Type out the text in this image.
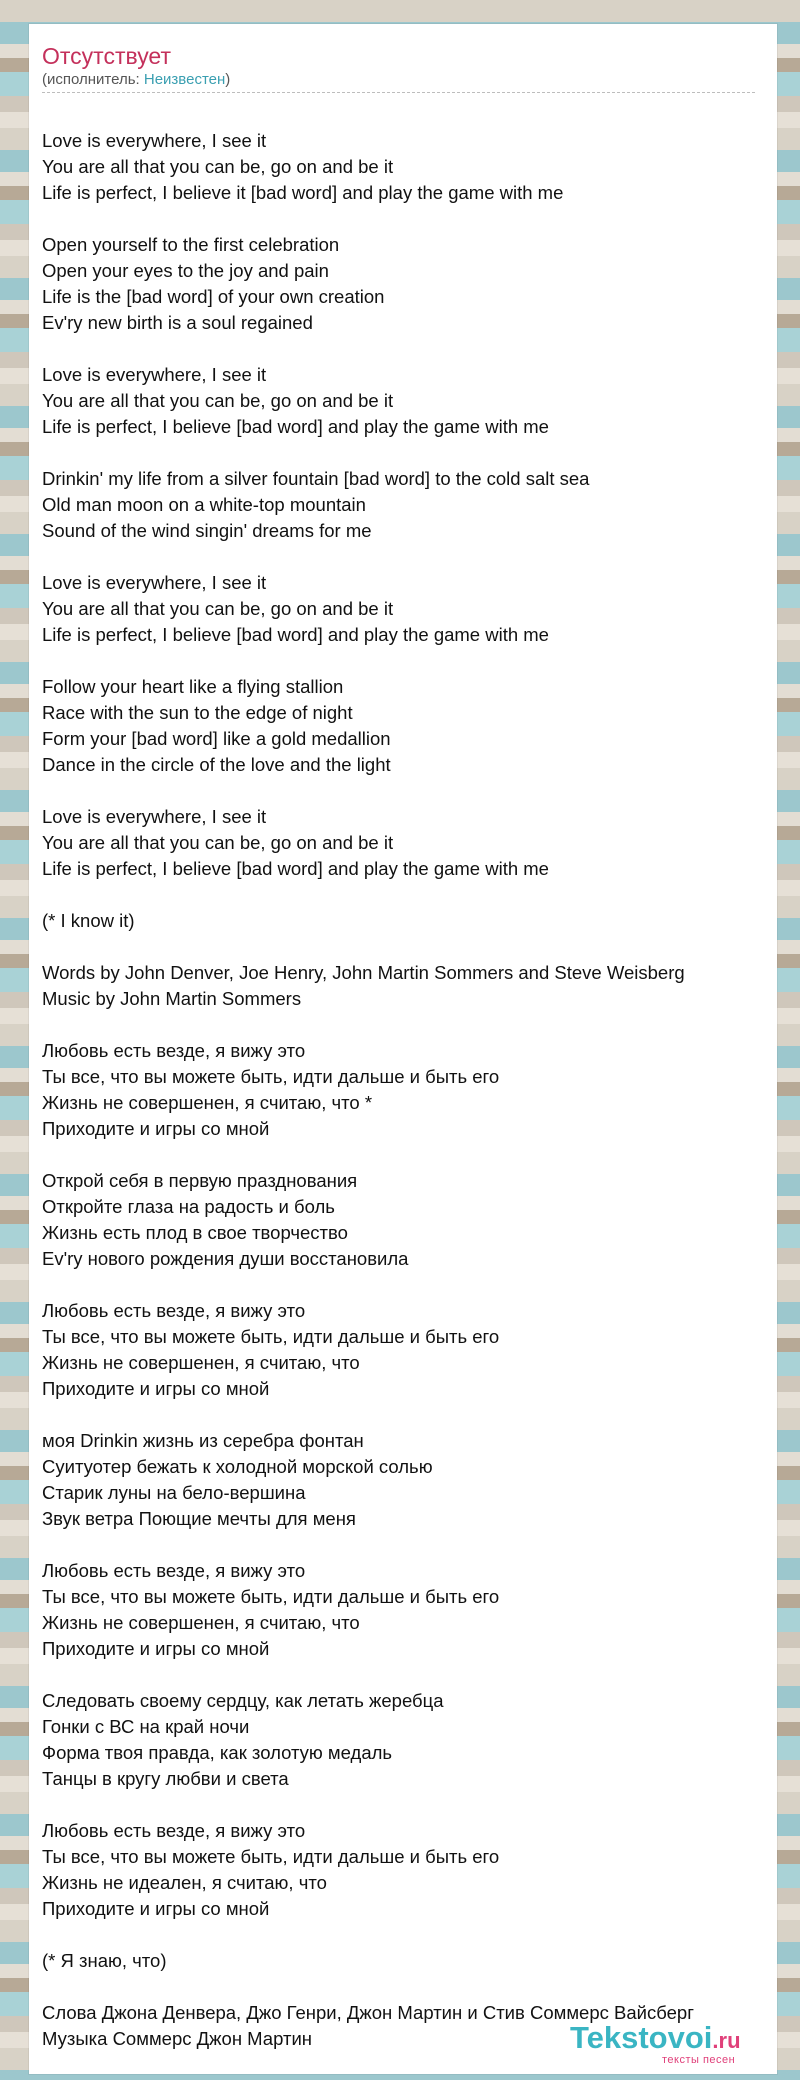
Отсутствует
(исполнитель: Неизвестен)
Love is everywhere, I see it
You are all that you can be, go on and be it
Life is perfect, I believe it [bad word] and play the game with me
Open yourself to the first celebration
Open your eyes to the joy and pain
Life is the [bad word] of your own creation
Ev'ry new birth is a soul regained
Love is everywhere, I see it
You are all that you can be, go on and be it
Life is perfect, I believe [bad word] and play the game with me
Drinkin' my life from a silver fountain [bad word] to the cold salt sea
Old man moon on a white-top mountain
Sound of the wind singin' dreams for me
Love is everywhere, I see it
You are all that you can be, go on and be it
Life is perfect, I believe [bad word] and play the game with me
Follow your heart like a flying stallion
Race with the sun to the edge of night
Form your [bad word] like a gold medallion
Dance in the circle of the love and the light
Love is everywhere, I see it
You are all that you can be, go on and be it
Life is perfect, I believe [bad word] and play the game with me
(* I know it)
Words by John Denver, Joe Henry, John Martin Sommers and Steve Weisberg
Music by John Martin Sommers
Любовь есть везде, я вижу это
Ты все, что вы можете быть, идти дальше и быть его
Жизнь не совершенен, я считаю, что *
Приходите и игры со мной
Открой себя в первую празднования
Откройте глаза на радость и боль
Жизнь есть плод в свое творчество
Ev'ry нового рождения души восстановила
Любовь есть везде, я вижу это
Ты все, что вы можете быть, идти дальше и быть его
Жизнь не совершенен, я считаю, что
Приходите и игры со мной
моя Drinkin жизнь из серебра фонтан
Суитуотер бежать к холодной морской солью
Старик луны на бело-вершина
Звук ветра Поющие мечты для меня
Любовь есть везде, я вижу это
Ты все, что вы можете быть, идти дальше и быть его
Жизнь не совершенен, я считаю, что
Приходите и игры со мной
Следовать своему сердцу, как летать жеребца
Гонки с ВС на край ночи
Форма твоя правда, как золотую медаль
Танцы в кругу любви и света
Любовь есть везде, я вижу это
Ты все, что вы можете быть, идти дальше и быть его
Жизнь не идеален, я считаю, что
Приходите и игры со мной
(* Я знаю, что)
Слова Джона Денвера, Джо Генри, Джон Мартин и Стив Соммерс Вайсберг
Музыка Соммерс Джон Мартин	Tekstovoi.ru
тексты песен
